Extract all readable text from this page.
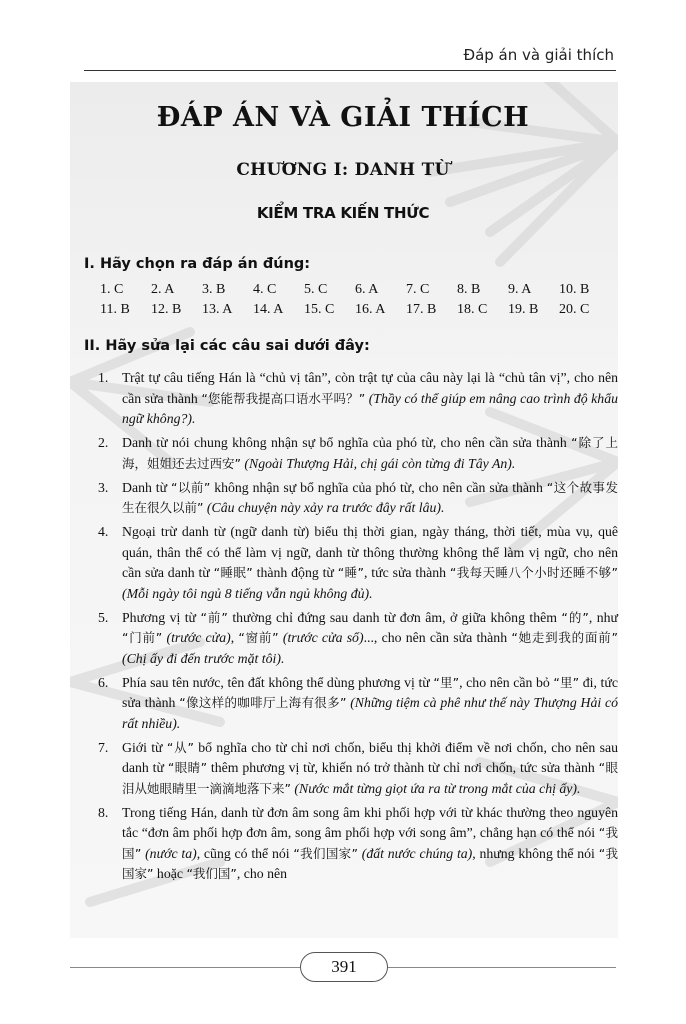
Đáp án và giải thích
ĐÁP ÁN VÀ GIẢI THÍCH
CHƯƠNG I: DANH TỪ
KIỂM TRA KIẾN THỨC
I. Hãy chọn ra đáp án đúng:
1. C	2. A	3. B	4. C	5. C	6. A	7. C	8. B	9. A	10. B
11. B	12. B	13. A	14. A	15. C	16. A	17. B	18. C	19. B	20. C
II. Hãy sửa lại các câu sai dưới đây:
1. Trật tự câu tiếng Hán là “chủ vị tân”, còn trật tự của câu này lại là “chủ tân vị”, cho nên cần sửa thành “您能帮我提高口语水平吗？” (Thầy có thể giúp em nâng cao trình độ khẩu ngữ không?).
2. Danh từ nói chung không nhận sự bổ nghĩa của phó từ, cho nên cần sửa thành “除了上海，姐姐还去过西安” (Ngoài Thượng Hải, chị gái còn từng đi Tây An).
3. Danh từ “以前” không nhận sự bổ nghĩa của phó từ, cho nên cần sửa thành “这个故事发生在很久以前” (Câu chuyện này xảy ra trước đây rất lâu).
4. Ngoại trừ danh từ (ngữ danh từ) biểu thị thời gian, ngày tháng, thời tiết, mùa vụ, quê quán, thân thể có thể làm vị ngữ, danh từ thông thường không thể làm vị ngữ, cho nên cần sửa danh từ “睡眠” thành động từ “睡”, tức sửa thành “我每天睡八个小时还睡不够” (Mỗi ngày tôi ngủ 8 tiếng vẫn ngủ không đủ).
5. Phương vị từ “前” thường chỉ đứng sau danh từ đơn âm, ở giữa không thêm “的”, như “门前” (trước cửa), “窗前” (trước cửa sổ)..., cho nên cần sửa thành “她走到我的面前” (Chị ấy đi đến trước mặt tôi).
6. Phía sau tên nước, tên đất không thể dùng phương vị từ “里”, cho nên cần bỏ “里” đi, tức sửa thành “像这样的咖啡厅上海有很多” (Những tiệm cà phê như thế này Thượng Hải có rất nhiều).
7. Giới từ “从” bổ nghĩa cho từ chỉ nơi chốn, biểu thị khởi điểm về nơi chốn, cho nên sau danh từ “眼睛” thêm phương vị từ, khiến nó trở thành từ chỉ nơi chốn, tức sửa thành “眼泪从她眼睛里一滴滴地落下来” (Nước mắt từng giọt ứa ra từ trong mắt của chị ấy).
8. Trong tiếng Hán, danh từ đơn âm song âm khi phối hợp với từ khác thường theo nguyên tắc “đơn âm phối hợp đơn âm, song âm phối hợp với song âm”, chẳng hạn có thể nói “我国” (nước ta), cũng có thể nói “我们国家” (đất nước chúng ta), nhưng không thể nói “我国家” hoặc “我们国”, cho nên
391
